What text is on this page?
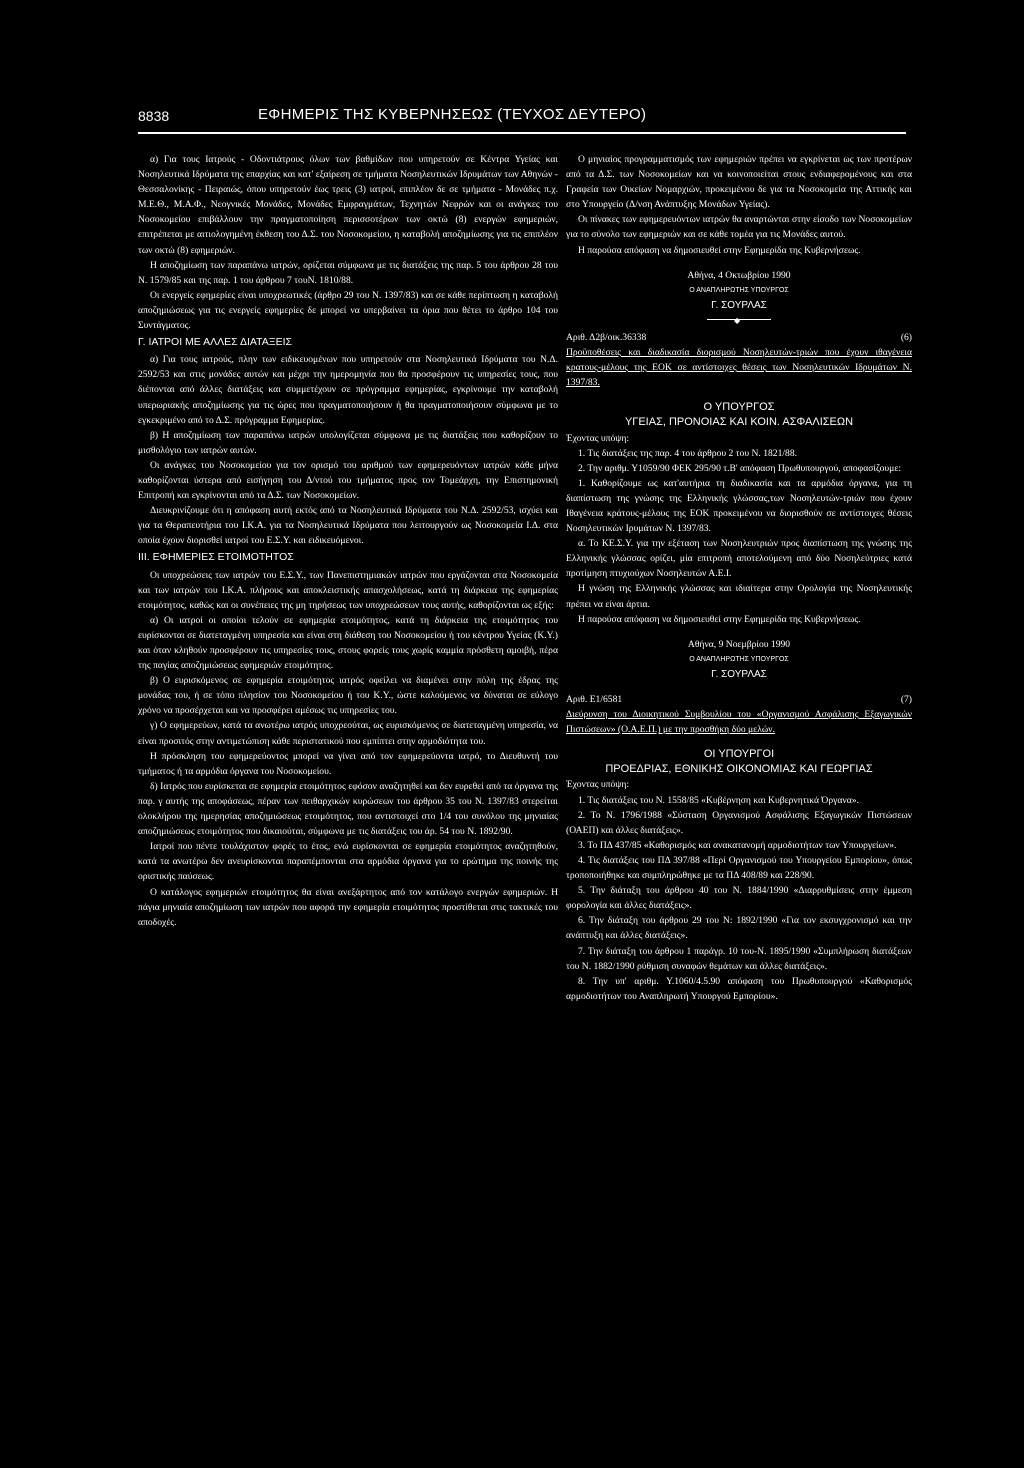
8838	ΕΦΗΜΕΡΙΣ ΤΗΣ ΚΥΒΕΡΝΗΣΕΩΣ (ΤΕΥΧΟΣ ΔΕΥΤΕΡΟ)

α) Για τους Ιατρούς - Οδοντιάτρους όλων των βαθμίδων που υπηρετούν σε Κέντρα Υγείας και Νοσηλευτικά Ιδρύματα της επαρχίας και κατ' εξαίρεση σε τμήματα Νοσηλευτικών Ιδρυμάτων των Αθηνών - Θεσσαλονίκης - Πειραιώς, όπου υπηρετούν έως τρεις (3) ιατροί, επιπλέον δε σε τμήματα - Μονάδες π.χ. Μ.Ε.Θ., Μ.Α.Φ., Νεογνικές Μονάδες, Μονάδες Εμφραγμάτων, Τεχνητών Νεφρών και οι ανάγκες του Νοσοκομείου επιβάλλουν την πραγματοποίηση περισσοτέρων των οκτώ (8) ενεργών εφημεριών, επιτρέπεται με αιτιολογημένη έκθεση του Δ.Σ. του Νοσοκομείου, η καταβολή αποζημίωσης για τις επιπλέον των οκτώ (8) εφημεριών.

Η αποζημίωση των παραπάνω ιατρών, ορίζεται σύμφωνα με τις διατάξεις της παρ. 5 του άρθρου 28 του Ν. 1579/85 και της παρ. 1 του άρθρου 7 τουΝ. 1810/88.

Οι ενεργείς εφημερίες είναι υποχρεωτικές (άρθρο 29 του Ν. 1397/83) και σε κάθε περίπτωση η καταβολή αποζημιώσεως για τις ενεργείς εφημερίες δε μπορεί να υπερβαίνει τα όρια που θέτει το άρθρο 104 του Συντάγματος.

Γ. ΙΑΤΡΟΙ ΜΕ ΑΛΛΕΣ ΔΙΑΤΑΞΕΙΣ

α) Για τους ιατρούς, πλην των ειδικευομένων που υπηρετούν στα Νοσηλευτικά Ιδρύματα του Ν.Δ. 2592/53 και στις μονάδες αυτών και μέχρι την ημερομηνία που θα προσφέρουν τις υπηρεσίες τους, που διέπονται από άλλες διατάξεις και συμμετέχουν σε πρόγραμμα εφημερίας, εγκρίνουμε την καταβολή υπερωριακής αποζημίωσης για τις ώρες που πραγματοποιήσουν ή θα πραγματοποιήσουν σύμφωνα με το εγκεκριμένο από το Δ.Σ. πρόγραμμα Εφημερίας.

β) Η αποζημίωση των παραπάνω ιατρών υπολογίζεται σύμφωνα με τις διατάξεις που καθορίζουν το μισθολόγιο των ιατρών αυτών.

Οι ανάγκες του Νοσοκομείου για τον ορισμό του αριθμού των εφημερευόντων ιατρών κάθε μήνα καθορίζονται ύστερα από εισήγηση του Δ/ντού του τμήματος προς τον Τομεάρχη, την Επιστημονική Επιτροπή και εγκρίνονται από τα Δ.Σ. των Νοσοκομείων.

Διευκρινίζουμε ότι η απόφαση αυτή εκτός από τα Νοσηλευτικά Ιδρύματα του Ν.Δ. 2592/53, ισχύει και για τα Θεραπευτήρια του Ι.Κ.Α. για τα Νοσηλευτικά Ιδρύματα που λειτουργούν ως Νοσοκομεία Ι.Δ. στα οποία έχουν διορισθεί ιατροί του Ε.Σ.Υ. και ειδικευόμενοι.

ΙΙΙ. ΕΦΗΜΕΡΙΕΣ ΕΤΟΙΜΟΤΗΤΟΣ

Οι υποχρεώσεις των ιατρών του Ε.Σ.Υ., των Πανεπιστημιακών ιατρών που εργάζονται στα Νοσοκομεία και των ιατρών του Ι.Κ.Α. πλήρους και αποκλειστικής απασχολήσεως, κατά τη διάρκεια της εφημερίας ετοιμότητος, καθώς και οι συνέπειες της μη τηρήσεως των υποχρεώσεων τους αυτής, καθορίζονται ως εξής:

α) Οι ιατροί οι οποίοι τελούν σε εφημερία ετοιμότητος, κατά τη διάρκεια της ετοιμότητος του ευρίσκονται σε διατεταγμένη υπηρεσία και είναι στη διάθεση του Νοσοκομείου ή του κέντρου Υγείας (Κ.Υ.) και όταν κληθούν προσφέρουν τις υπηρεσίες τους, στους φορείς τους χωρίς καμμία πρόσθετη αμοιβή, πέρα της παγίας αποζημιώσεως εφημεριών ετοιμότητος.

β) Ο ευρισκόμενος σε εφημερία ετοιμότητος ιατρός οφείλει να διαμένει στην πόλη της έδρας της μονάδας του, ή σε τόπο πλησίον του Νοσοκομείου ή του Κ.Υ., ώστε καλούμενος να δύναται σε εύλογο χρόνο να προσέρχεται και να προσφέρει αμέσως τις υπηρεσίες του.

γ) Ο εφημερεύων, κατά τα ανωτέρω ιατρός υποχρεούται, ως ευρισκόμενος σε διατεταγμένη υπηρεσία, να είναι προσιτός στην αντιμετώπιση κάθε περιστατικού που εμπίπτει στην αρμοδιότητα του.

Η πρόσκληση του εφημερεύοντος μπορεί να γίνει από τον εφημερεύοντα ιατρό, το Διευθυντή του τμήματος ή τα αρμόδια όργανα του Νοσοκομείου.

δ) Ιατρός που ευρίσκεται σε εφημερία ετοιμότητος εφόσον αναζητηθεί και δεν ευρεθεί από τα όργανα της παρ. γ αυτής της αποφάσεως, πέραν των πειθαρχικών κυρώσεων του άρθρου 35 του Ν. 1397/83 στερείται ολοκλήρου της ημερησίας αποζημιώσεως ετοιμότητος, που αντιστοιχεί στο 1/4 του συνόλου της μηνιαίας αποζημιώσεως ετοιμότητος που δικαιούται, σύμφωνα με τις διατάξεις του άρ. 54 του Ν. 1892/90.

Ιατροί που πέντε τουλάχιστον φορές το έτος, ενώ ευρίσκονται σε εφημερία ετοιμότητος αναζητηθούν, κατά τα ανωτέρω δεν ανευρίσκονται παραπέμπονται στα αρμόδια όργανα για το ερώτημα της ποινής της οριστικής παύσεως.

Ο κατάλογος εφημεριών ετοιμότητος θα είναι ανεξάρτητος από τον κατάλογο ενεργών εφημεριών. Η πάγια μηνιαία αποζημίωση των ιατρών που αφορά την εφημερία ετοιμότητος προστίθεται στις τακτικές του αποδοχές.

Ο μηνιαίος προγραμματισμός των εφημεριών πρέπει να εγκρίνεται ως των προτέρων από τα Δ.Σ. των Νοσοκομείων και να κοινοποιείται στους ενδιαφερομένους και στα Γραφεία των Οικείων Νομαρχιών, προκειμένου δε για τα Νοσοκομεία της Αττικής και στο Υπουργείο (Δ/νση Ανάπτυξης Μονάδων Υγείας).

Οι πίνακες των εφημερευόντων ιατρών θα αναρτώνται στην είσοδο των Νοσοκομείων για το σύνολο των εφημεριών και σε κάθε τομέα για τις Μονάδες αυτού.

Η παρούσα απόφαση να δημοσιευθεί στην Εφημερίδα της Κυβερνήσεως.

Αθήνα, 4 Οκτωβρίου 1990

Ο ΑΝΑΠΛΗΡΩΤΗΣ ΥΠΟΥΡΓΟΣ

Γ. ΣΟΥΡΛΑΣ

◆

Αριθ. Δ2β/οικ.36338	(6)

Προϋποθέσεις και διαδικασία διορισμού Νοσηλευτών-τριών που έχουν ιθαγένεια κρατους-μέλους της ΕΟΚ σε αντίστοιχες θέσεις των Νοσηλευτικών Ιδρυμάτων Ν. 1397/83.

Ο ΥΠΟΥΡΓΟΣ

ΥΓΕΙΑΣ, ΠΡΟΝΟΙΑΣ ΚΑΙ ΚΟΙΝ. ΑΣΦΑΛΙΣΕΩΝ

Έχοντας υπόψη:

1. Τις διατάξεις της παρ. 4 του άρθρου 2 του Ν. 1821/88.

2. Την αριθμ. Υ1059/90 ΦΕΚ 295/90 τ.Β' απόφαση Πρωθυπουργού, αποφασίζουμε:

1. Καθορίζουμε ως κατ'αυτήρια τη διαδικασία και τα αρμόδια όργανα, για τη διαπίστωση της γνώσης της Ελληνικής γλώσσας,των Νοσηλευτών-τριών που έχουν Ιθαγένεια κράτους-μέλους της ΕΟΚ προκειμένου να διορισθούν σε αντίστοιχες θέσεις Νοσηλευτικών Ιρυμάτων Ν. 1397/83.

α. Το ΚΕ.Σ.Υ. για την εξέταση των Νοσηλευτριών προς διαπίστωση της γνώσης της Ελληνικής γλώσσας ορίζει, μία επιτροπή αποτελούμενη από δύο Νοσηλεύτριες κατά προτίμηση πτυχιούχων Νοσηλευτών Α.Ε.Ι.

Η γνώση της Ελληνικής γλώσσας και ιδιαίτερα στην Ορολογία της Νοσηλευτικής πρέπει να είναι άρτια.

Η παρούσα απόφαση να δημοσιευθεί στην Εφημερίδα της Κυβερνήσεως.

Αθήνα, 9 Νοεμβρίου 1990

Ο ΑΝΑΠΛΗΡΩΤΗΣ ΥΠΟΥΡΓΟΣ

Γ. ΣΟΥΡΛΑΣ

Αριθ. Ε1/6581	(7)

Διεύρυνση του Διοικητικού Συμβουλίου του «Οργανισμού Ασφάλισης Εξαγωγικών Πιστώσεων» (Ο.Α.Ε.Π.) με την προσθήκη δύο μελών.

ΟΙ ΥΠΟΥΡΓΟΙ

ΠΡΟΕΔΡΙΑΣ, ΕΘΝΙΚΗΣ ΟΙΚΟΝΟΜΙΑΣ ΚΑΙ ΓΕΩΡΓΙΑΣ

Έχοντας υπόψη:

1. Τις διατάξεις του Ν. 1558/85 «Κυβέρνηση και Κυβερνητικά Όργανα».

2. Το Ν. 1796/1988 «Σύσταση Οργανισμού Ασφάλισης Εξαγωγικών Πιστώσεων (ΟΑΕΠ) και άλλες διατάξεις».

3. Το ΠΔ 437/85 «Καθορισμός και ανακατανομή αρμοδιοτήτων των Υπουργείων».

4. Τις διατάξεις του ΠΔ 397/88 «Περί Οργανισμού του Υπουργείου Εμπορίου», όπως τροποποιήθηκε και συμπληρώθηκε με τα ΠΔ 408/89 και 228/90.

5. Την διάταξη του άρθρου 40 του Ν. 1884/1990 «Διαρρυθμίσεις στην έμμεση φορολογία και άλλες διατάξεις».

6. Την διάταξη του άρθρου 29 του Ν: 1892/1990 «Για τον εκσυγχρονισμό και την ανάπτυξη και άλλες διατάξεις».

7. Την διάταξη του άρθρου 1 παράγρ. 10 του-Ν. 1895/1990 «Συμπλήρωση διατάξεων του Ν. 1882/1990 ρύθμιση συναφών θεμάτων και άλλες διατάξεις».

8. Την υπ' αριθμ. Υ.1060/4.5.90 απόφαση του Πρωθυπουργού «Καθορισμός αρμοδιοτήτων του Αναπληρωτή Υπουργού Εμπορίου».
